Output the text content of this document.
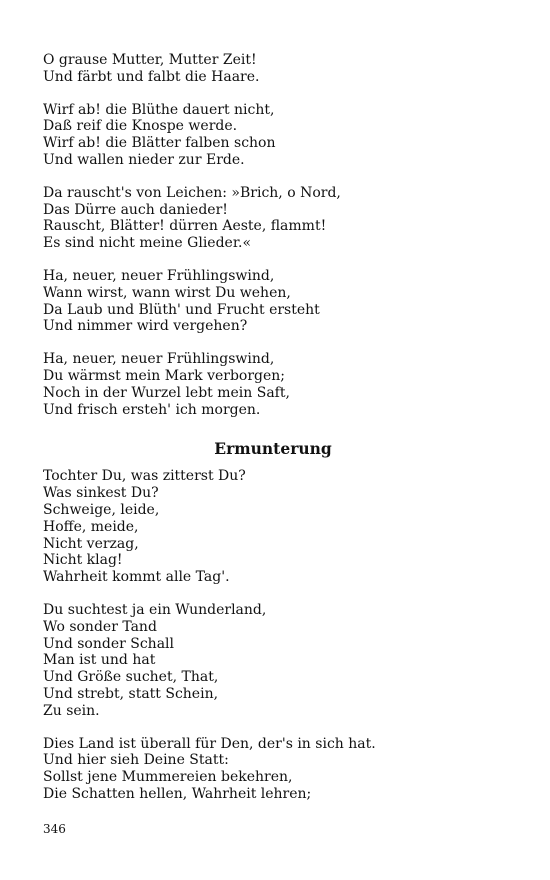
O grause Mutter, Mutter Zeit!
Und färbt und falbt die Haare.
Wirf ab! die Blüthe dauert nicht,
Daß reif die Knospe werde.
Wirf ab! die Blätter falben schon
Und wallen nieder zur Erde.
Da rauscht's von Leichen: »Brich, o Nord,
Das Dürre auch danieder!
Rauscht, Blätter! dürren Aeste, flammt!
Es sind nicht meine Glieder.«
Ha, neuer, neuer Frühlingswind,
Wann wirst, wann wirst Du wehen,
Da Laub und Blüth' und Frucht ersteht
Und nimmer wird vergehen?
Ha, neuer, neuer Frühlingswind,
Du wärmst mein Mark verborgen;
Noch in der Wurzel lebt mein Saft,
Und frisch ersteh' ich morgen.
Ermunterung
Tochter Du, was zitterst Du?
Was sinkest Du?
Schweige, leide,
Hoffe, meide,
Nicht verzag,
Nicht klag!
Wahrheit kommt alle Tag'.
Du suchtest ja ein Wunderland,
Wo sonder Tand
Und sonder Schall
Man ist und hat
Und Größe suchet, That,
Und strebt, statt Schein,
Zu sein.
Dies Land ist überall für Den, der's in sich hat.
Und hier sieh Deine Statt:
Sollst jene Mummereien bekehren,
Die Schatten hellen, Wahrheit lehren;
346
